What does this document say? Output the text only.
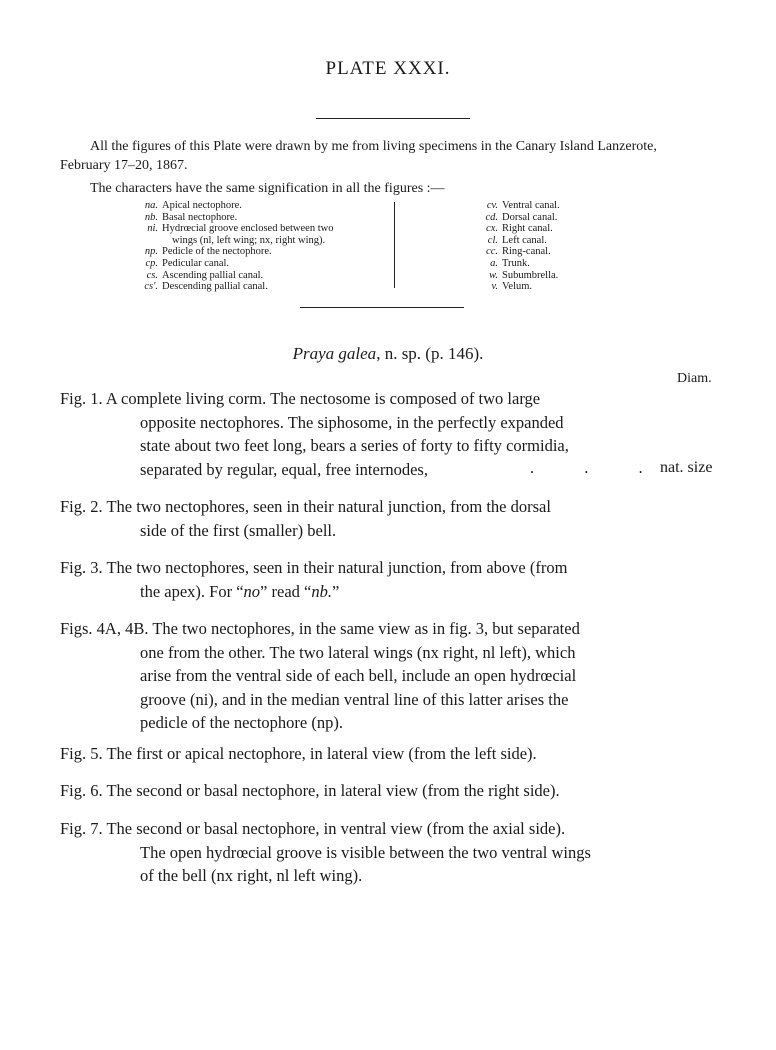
PLATE XXXI.
All the figures of this Plate were drawn by me from living specimens in the Canary Island Lanzerote,
February 17–20, 1867.
The characters have the same signification in all the figures :—
na. Apical nectophore.
nb. Basal nectophore.
ni. Hydrœcial groove enclosed between two
wings (nl, left wing; nx, right wing).
np. Pedicle of the nectophore.
cp. Pedicular canal.
cs. Ascending pallial canal.
cs'. Descending pallial canal.
cv. Ventral canal.
cd. Dorsal canal.
cx. Right canal.
cl. Left canal.
cc. Ring-canal.
a. Trunk.
w. Subumbrella.
v. Velum.
Praya galea, n. sp. (p. 146).
Diam.
Fig. 1. A complete living corm. The nectosome is composed of two large
opposite nectophores. The siphosome, in the perfectly expanded
state about two feet long, bears a series of forty to fifty cormidia,
separated by regular, equal, free internodes,	. . . nat. size
Fig. 2. The two nectophores, seen in their natural junction, from the dorsal
side of the first (smaller) bell.
Fig. 3. The two nectophores, seen in their natural junction, from above (from
the apex). For “no” read “nb.”
Figs. 4A, 4B. The two nectophores, in the same view as in fig. 3, but separated
one from the other. The two lateral wings (nx right, nl left), which
arise from the ventral side of each bell, include an open hydrœcial
groove (ni), and in the median ventral line of this latter arises the
pedicle of the nectophore (np).
Fig. 5. The first or apical nectophore, in lateral view (from the left side).
Fig. 6. The second or basal nectophore, in lateral view (from the right side).
Fig. 7. The second or basal nectophore, in ventral view (from the axial side).
The open hydrœcial groove is visible between the two ventral wings
of the bell (nx right, nl left wing).
